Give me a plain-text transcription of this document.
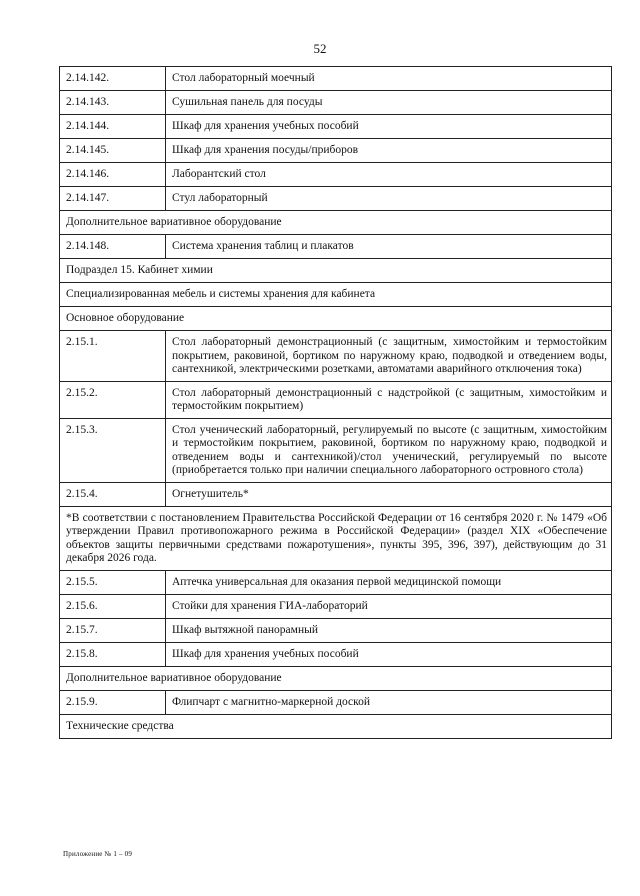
52
2.14.142.	Стол лабораторный моечный
2.14.143.	Сушильная панель для посуды
2.14.144.	Шкаф для хранения учебных пособий
2.14.145.	Шкаф для хранения посуды/приборов
2.14.146.	Лаборантский стол
2.14.147.	Стул лабораторный
Дополнительное вариативное оборудование	
2.14.148.	Система хранения таблиц и плакатов
Подраздел 15. Кабинет химии	
Специализированная мебель и системы хранения для кабинета	
Основное оборудование	
2.15.1.	Стол лабораторный демонстрационный (с защитным, химостойким и термостойким покрытием, раковиной, бортиком по наружному краю, подводкой и отведением воды, сантехникой, электрическими розетками, автоматами аварийного отключения тока)
2.15.2.	Стол лабораторный демонстрационный с надстройкой (с защитным, химостойким и термостойким покрытием)
2.15.3.	Стол ученический лабораторный, регулируемый по высоте (с защитным, химостойким и термостойким покрытием, раковиной, бортиком по наружному краю, подводкой и отведением воды и сантехникой)/стол ученический, регулируемый по высоте (приобретается только при наличии специального лабораторного островного стола)
2.15.4.	Огнетушитель*
*В соответствии с постановлением Правительства Российской Федерации от 16 сентября 2020 г. № 1479 «Об утверждении Правил противопожарного режима в Российской Федерации» (раздел XIX «Обеспечение объектов защиты первичными средствами пожаротушения», пункты 395, 396, 397), действующим до 31 декабря 2026 года.	
2.15.5.	Аптечка универсальная для оказания первой медицинской помощи
2.15.6.	Стойки для хранения ГИА-лабораторий
2.15.7.	Шкаф вытяжной панорамный
2.15.8.	Шкаф для хранения учебных пособий
Дополнительное вариативное оборудование	
2.15.9.	Флипчарт с магнитно-маркерной доской
Технические средства	
Приложение № 1 – 09
